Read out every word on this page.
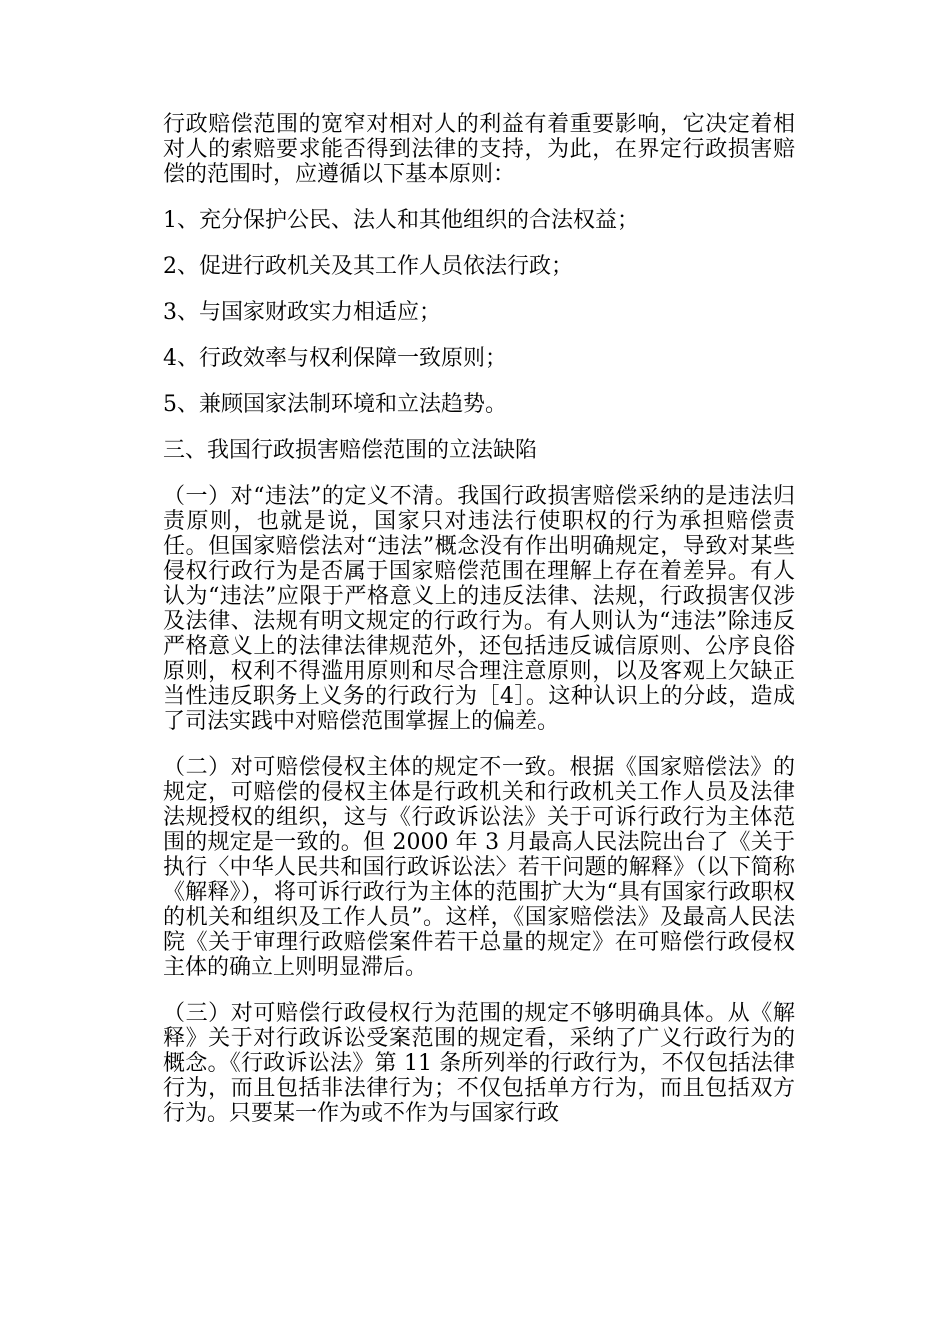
行政赔偿范围的宽窄对相对人的利益有着重要影响，它决定着相对人的索赔要求能否得到法律的支持，为此，在界定行政损害赔偿的范围时，应遵循以下基本原则：

1、充分保护公民、法人和其他组织的合法权益；

2、促进行政机关及其工作人员依法行政；

3、与国家财政实力相适应；

4、行政效率与权利保障一致原则；

5、兼顾国家法制环境和立法趋势。

三、我国行政损害赔偿范围的立法缺陷

（一）对“违法”的定义不清。我国行政损害赔偿采纳的是违法归责原则，也就是说，国家只对违法行使职权的行为承担赔偿责任。但国家赔偿法对“违法”概念没有作出明确规定，导致对某些侵权行政行为是否属于国家赔偿范围在理解上存在着差异。有人认为“违法”应限于严格意义上的违反法律、法规，行政损害仅涉及法律、法规有明文规定的行政行为。有人则认为“违法”除违反严格意义上的法律法律规范外，还包括违反诚信原则、公序良俗原则，权利不得滥用原则和尽合理注意原则，以及客观上欠缺正当性违反职务上义务的行政行为［4］。这种认识上的分歧，造成了司法实践中对赔偿范围掌握上的偏差。

（二）对可赔偿侵权主体的规定不一致。根据《国家赔偿法》的规定，可赔偿的侵权主体是行政机关和行政机关工作人员及法律法规授权的组织，这与《行政诉讼法》关于可诉行政行为主体范围的规定是一致的。但 2000 年 3 月最高人民法院出台了《关于执行〈中华人民共和国行政诉讼法〉若干问题的解释》（以下简称《解释》），将可诉行政行为主体的范围扩大为“具有国家行政职权的机关和组织及工作人员”。这样，《国家赔偿法》及最高人民法院《关于审理行政赔偿案件若干总量的规定》在可赔偿行政侵权主体的确立上则明显滞后。

（三）对可赔偿行政侵权行为范围的规定不够明确具体。从《解释》关于对行政诉讼受案范围的规定看，采纳了广义行政行为的概念。《行政诉讼法》第 11 条所列举的行政行为，不仅包括法律行为，而且包括非法律行为；不仅包括单方行为，而且包括双方行为。只要某一作为或不作为与国家行政
